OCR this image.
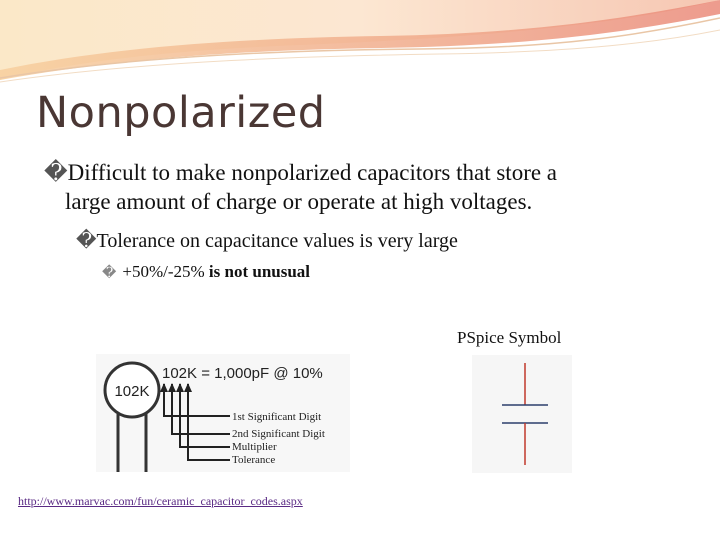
Nonpolarized
�Difficult to make nonpolarized capacitors that store a
large amount of charge or operate at high voltages.
�Tolerance on capacitance values is very large
� +50%/-25% is not unusual
102K
102K = 1,000pF @ 10%
1st Significant Digit
2nd Significant Digit
Multiplier
Tolerance
PSpice Symbol
http://www.marvac.com/fun/ceramic_capacitor_codes.aspx
